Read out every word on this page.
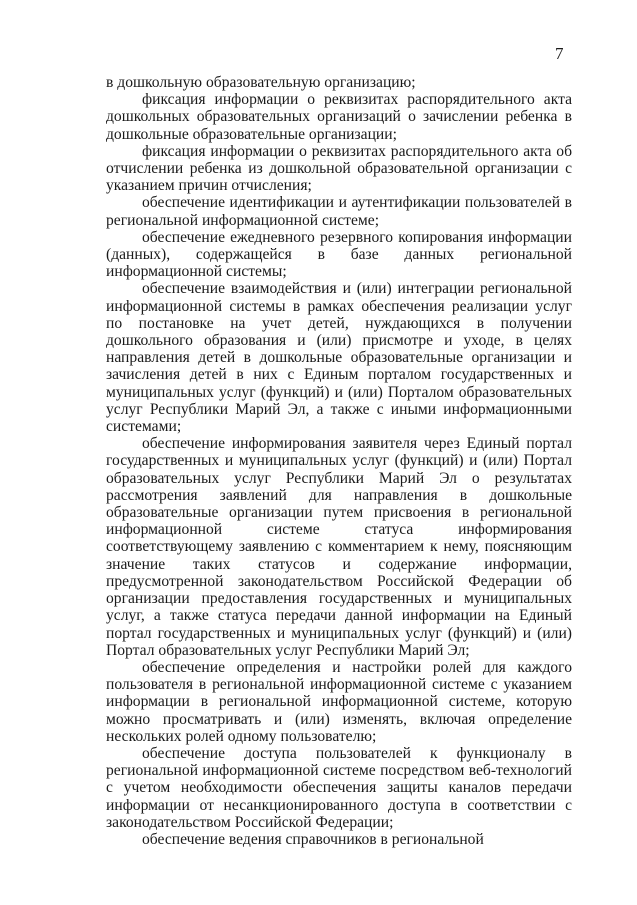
7

в дошкольную образовательную организацию;

фиксация информации о реквизитах распорядительного акта дошкольных образовательных организаций о зачислении ребенка в дошкольные образовательные организации;

фиксация информации о реквизитах распорядительного акта об отчислении ребенка из дошкольной образовательной организации с указанием причин отчисления;

обеспечение идентификации и аутентификации пользователей в региональной информационной системе;

обеспечение ежедневного резервного копирования информации (данных), содержащейся в базе данных региональной информационной системы;

обеспечение взаимодействия и (или) интеграции региональной информационной системы в рамках обеспечения реализации услуг по постановке на учет детей, нуждающихся в получении дошкольного образования и (или) присмотре и уходе, в целях направления детей в дошкольные образовательные организации и зачисления детей в них с Единым порталом государственных и муниципальных услуг (функций) и (или) Порталом образовательных услуг Республики Марий Эл, а также с иными информационными системами;

обеспечение информирования заявителя через Единый портал государственных и муниципальных услуг (функций) и (или) Портал образовательных услуг Республики Марий Эл о результатах рассмотрения заявлений для направления в дошкольные образовательные организации путем присвоения в региональной информационной системе статуса информирования соответствующему заявлению с комментарием к нему, поясняющим значение таких статусов и содержание информации, предусмотренной законодательством Российской Федерации об организации предоставления государственных и муниципальных услуг, а также статуса передачи данной информации на Единый портал государственных и муниципальных услуг (функций) и (или) Портал образовательных услуг Республики Марий Эл;

обеспечение определения и настройки ролей для каждого пользователя в региональной информационной системе с указанием информации в региональной информационной системе, которую можно просматривать и (или) изменять, включая определение нескольких ролей одному пользователю;

обеспечение доступа пользователей к функционалу в региональной информационной системе посредством веб-технологий с учетом необходимости обеспечения защиты каналов передачи информации от несанкционированного доступа в соответствии с законодательством Российской Федерации;

обеспечение ведения справочников в региональной
